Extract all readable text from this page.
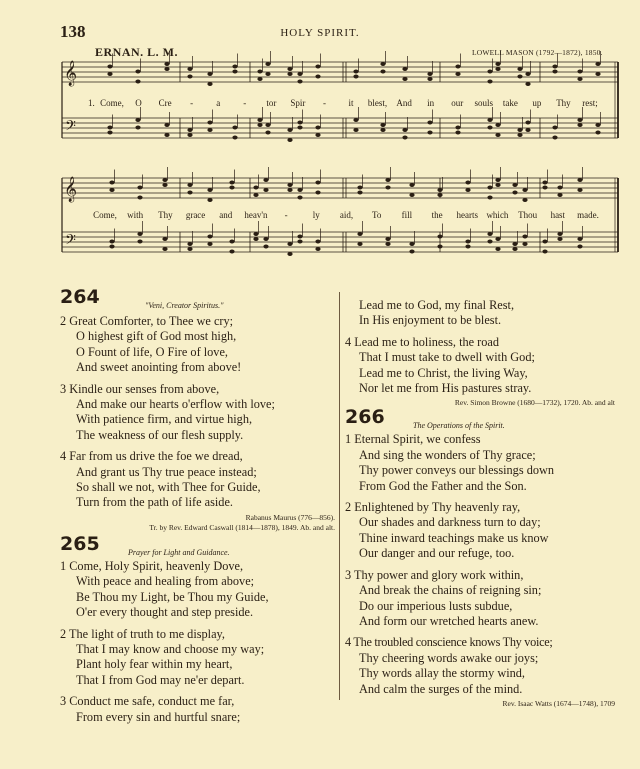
138	HOLY SPIRIT.
ERNAN. L. M.	LOWELL MASON (1792—1872), 1850.
𝄞
𝄢
𝄞
𝄢
1. Come, O Cre -	a	- tor Spir -	it blest, And in our souls take up Thy rest;
Come, with Thy grace and heav'n -	ly aid, To fill the hearts which Thou hast made.
264	"Veni, Creator Spiritus."
2 Great Comforter, to Thee we cry;
O highest gift of God most high,
O Fount of life, O Fire of love,
And sweet anointing from above!
3 Kindle our senses from above,
And make our hearts o'erflow with love;
With patience firm, and virtue high,
The weakness of our flesh supply.
4 Far from us drive the foe we dread,
And grant us Thy true peace instead;
So shall we not, with Thee for Guide,
Turn from the path of life aside.
Rabanus Maurus (776—856).
Tr. by Rev. Edward Caswall (1814—1878), 1849. Ab. and alt.
265	Prayer for Light and Guidance.
1 Come, Holy Spirit, heavenly Dove,
With peace and healing from above;
Be Thou my Light, be Thou my Guide,
O'er every thought and step preside.
2 The light of truth to me display,
That I may know and choose my way;
Plant holy fear within my heart,
That I from God may ne'er depart.
3 Conduct me safe, conduct me far,
From every sin and hurtful snare;
Lead me to God, my final Rest,
In His enjoyment to be blest.
4 Lead me to holiness, the road
That I must take to dwell with God;
Lead me to Christ, the living Way,
Nor let me from His pastures stray.
Rev. Simon Browne (1680—1732), 1720. Ab. and alt
266	The Operations of the Spirit.
1 Eternal Spirit, we confess
And sing the wonders of Thy grace;
Thy power conveys our blessings down
From God the Father and the Son.
2 Enlightened by Thy heavenly ray,
Our shades and darkness turn to day;
Thine inward teachings make us know
Our danger and our refuge, too.
3 Thy power and glory work within,
And break the chains of reigning sin;
Do our imperious lusts subdue,
And form our wretched hearts anew.
4 The troubled conscience knows Thy voice;
Thy cheering words awake our joys;
Thy words allay the stormy wind,
And calm the surges of the mind.
Rev. Isaac Watts (1674—1748), 1709
